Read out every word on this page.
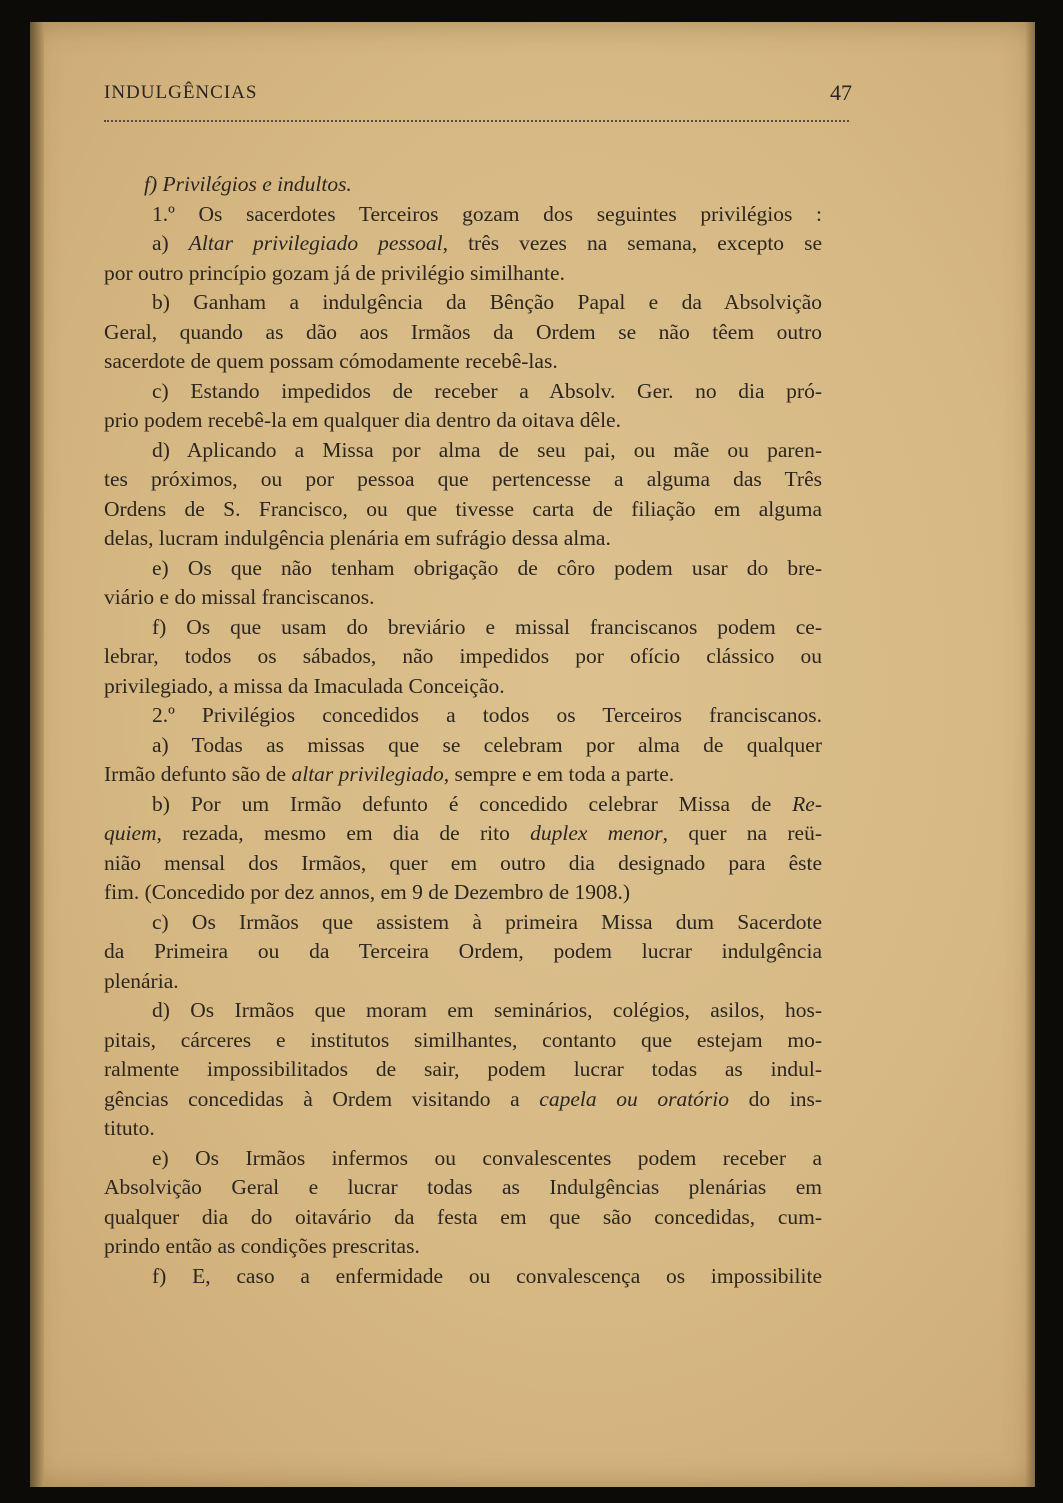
INDULGÊNCIAS	47
f) Privilégios e indultos.
1.º Os sacerdotes Terceiros gozam dos seguintes privilégios :
a) Altar privilegiado pessoal, três vezes na semana, excepto se
por outro princípio gozam já de privilégio similhante.
b) Ganham a indulgência da Bênção Papal e da Absolvição
Geral, quando as dão aos Irmãos da Ordem se não têem outro
sacerdote de quem possam cómodamente recebê-las.
c) Estando impedidos de receber a Absolv. Ger. no dia pró-
prio podem recebê-la em qualquer dia dentro da oitava dêle.
d) Aplicando a Missa por alma de seu pai, ou mãe ou paren-
tes próximos, ou por pessoa que pertencesse a alguma das Três
Ordens de S. Francisco, ou que tivesse carta de filiação em alguma
delas, lucram indulgência plenária em sufrágio dessa alma.
e) Os que não tenham obrigação de côro podem usar do bre-
viário e do missal franciscanos.
f) Os que usam do breviário e missal franciscanos podem ce-
lebrar, todos os sábados, não impedidos por ofício clássico ou
privilegiado, a missa da Imaculada Conceição.
2.º Privilégios concedidos a todos os Terceiros franciscanos.
a) Todas as missas que se celebram por alma de qualquer
Irmão defunto são de altar privilegiado, sempre e em toda a parte.
b) Por um Irmão defunto é concedido celebrar Missa de Re-
quiem, rezada, mesmo em dia de rito duplex menor, quer na reü-
nião mensal dos Irmãos, quer em outro dia designado para êste
fim. (Concedido por dez annos, em 9 de Dezembro de 1908.)
c) Os Irmãos que assistem à primeira Missa dum Sacerdote
da Primeira ou da Terceira Ordem, podem lucrar indulgência
plenária.
d) Os Irmãos que moram em seminários, colégios, asilos, hos-
pitais, cárceres e institutos similhantes, contanto que estejam mo-
ralmente impossibilitados de sair, podem lucrar todas as indul-
gências concedidas à Ordem visitando a capela ou oratório do ins-
tituto.
e) Os Irmãos infermos ou convalescentes podem receber a
Absolvição Geral e lucrar todas as Indulgências plenárias em
qualquer dia do oitavário da festa em que são concedidas, cum-
prindo então as condições prescritas.
f) E, caso a enfermidade ou convalescença os impossibilite
